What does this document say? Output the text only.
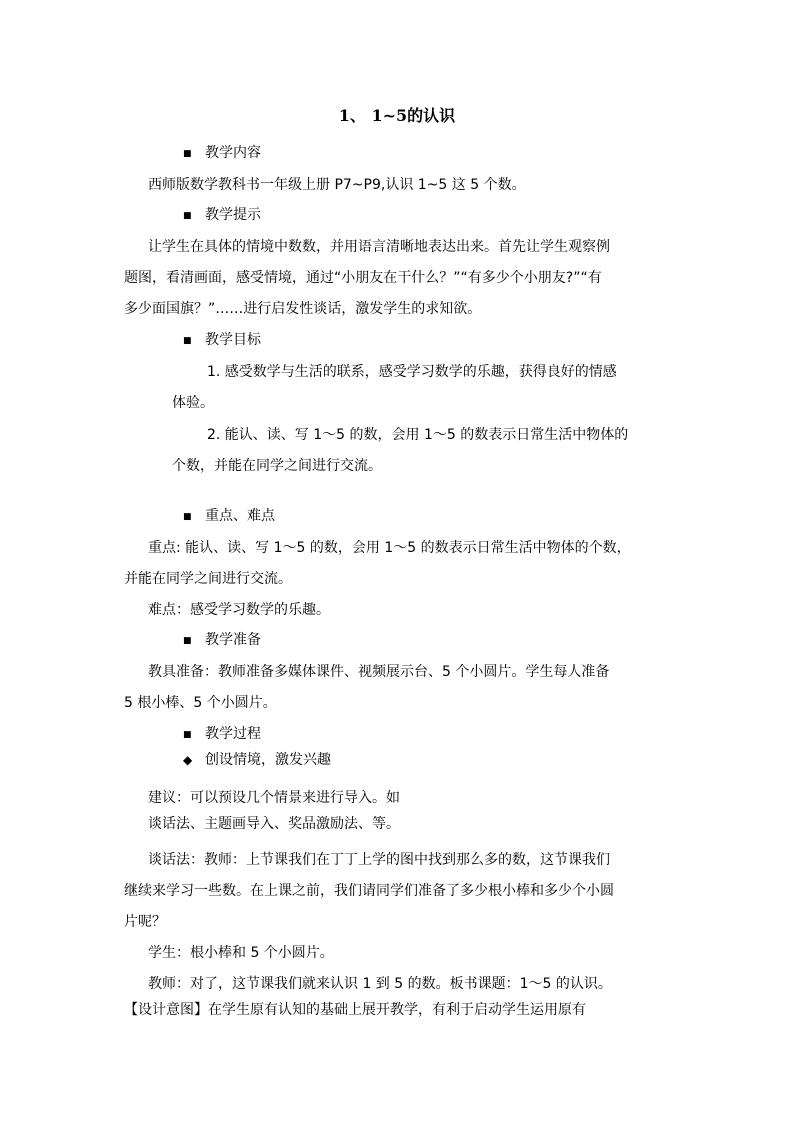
1、 1~5的认识
■ 教学内容
西师版数学教科书一年级上册 P7~P9,认识 1~5 这 5 个数。
■ 教学提示
让学生在具体的情境中数数，并用语言清晰地表达出来。首先让学生观察例
题图，看清画面，感受情境，通过“小朋友在干什么？”“有多少个小朋友?”“有
多少面国旗？”……进行启发性谈话，激发学生的求知欲。
■ 教学目标
1. 感受数学与生活的联系，感受学习数学的乐趣，获得良好的情感
体验。
2. 能认、读、写 1～5 的数，会用 1～5 的数表示日常生活中物体的
个数，并能在同学之间进行交流。
■ 重点、难点
重点: 能认、读、写 1～5 的数，会用 1～5 的数表示日常生活中物体的个数，
并能在同学之间进行交流。
难点：感受学习数学的乐趣。
■ 教学准备
教具准备：教师准备多媒体课件、视频展示台、5 个小圆片。学生每人准备
5 根小棒、5 个小圆片。
■ 教学过程
◆ 创设情境，激发兴趣
建议：可以预设几个情景来进行导入。如
谈话法、主题画导入、奖品激励法、等。
谈话法：教师：上节课我们在丁丁上学的图中找到那么多的数，这节课我们
继续来学习一些数。在上课之前，我们请同学们准备了多少根小棒和多少个小圆
片呢？
学生：根小棒和 5 个小圆片。
教师：对了，这节课我们就来认识 1 到 5 的数。板书课题：1～5 的认识。
【设计意图】在学生原有认知的基础上展开教学，有利于启动学生运用原有
